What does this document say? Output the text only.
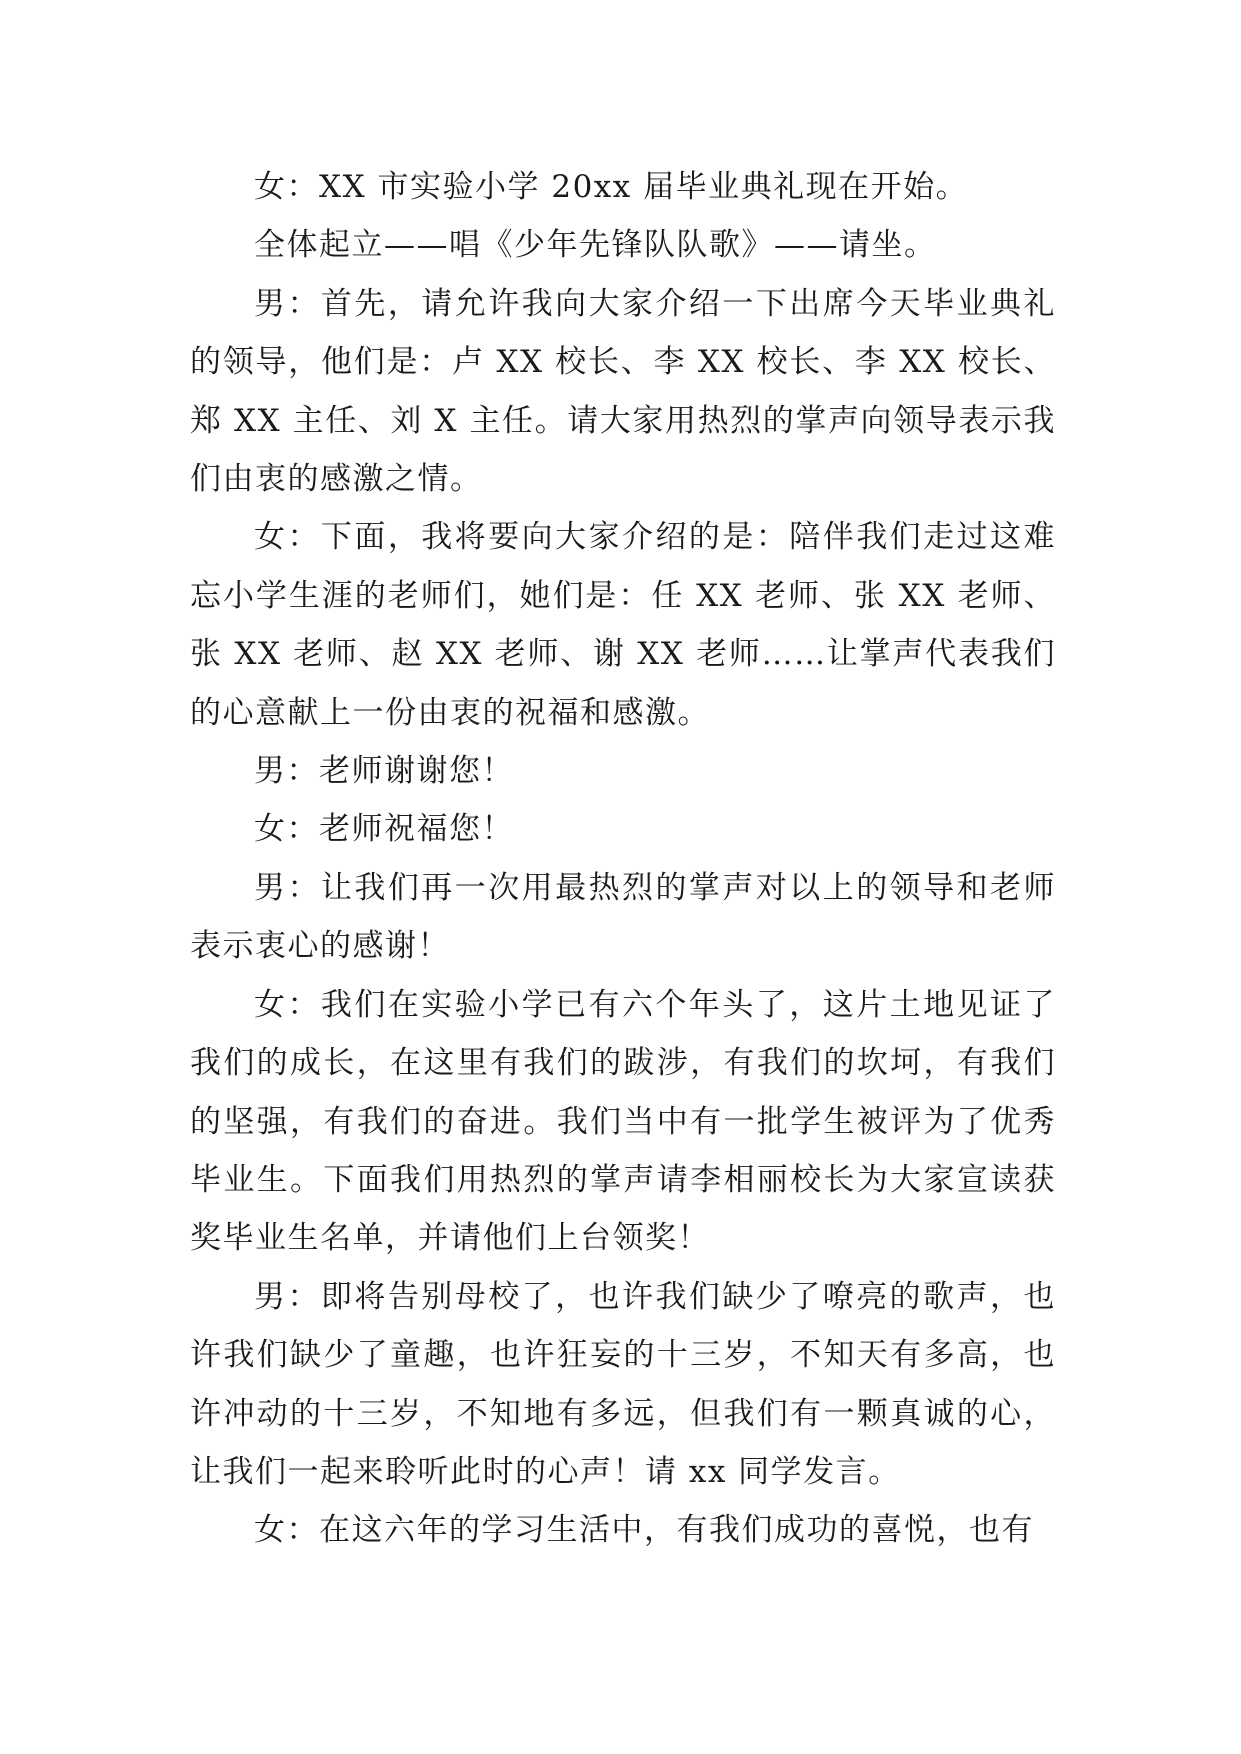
女：XX 市实验小学 20xx 届毕业典礼现在开始。

全体起立——唱《少年先锋队队歌》——请坐。

男：首先，请允许我向大家介绍一下出席今天毕业典礼的领导，他们是：卢 XX 校长、李 XX 校长、李 XX 校长、郑 XX 主任、刘 X 主任。请大家用热烈的掌声向领导表示我们由衷的感激之情。

女：下面，我将要向大家介绍的是：陪伴我们走过这难忘小学生涯的老师们，她们是：任 XX 老师、张 XX 老师、张 XX 老师、赵 XX 老师、谢 XX 老师……让掌声代表我们的心意献上一份由衷的祝福和感激。

男：老师谢谢您！

女：老师祝福您！

男：让我们再一次用最热烈的掌声对以上的领导和老师表示衷心的感谢！

女：我们在实验小学已有六个年头了，这片土地见证了我们的成长，在这里有我们的跋涉，有我们的坎坷，有我们的坚强，有我们的奋进。我们当中有一批学生被评为了优秀毕业生。下面我们用热烈的掌声请李相丽校长为大家宣读获奖毕业生名单，并请他们上台领奖！

男：即将告别母校了，也许我们缺少了嘹亮的歌声，也许我们缺少了童趣，也许狂妄的十三岁，不知天有多高，也许冲动的十三岁，不知地有多远，但我们有一颗真诚的心，让我们一起来聆听此时的心声！请 xx 同学发言。

女：在这六年的学习生活中，有我们成功的喜悦，也有
